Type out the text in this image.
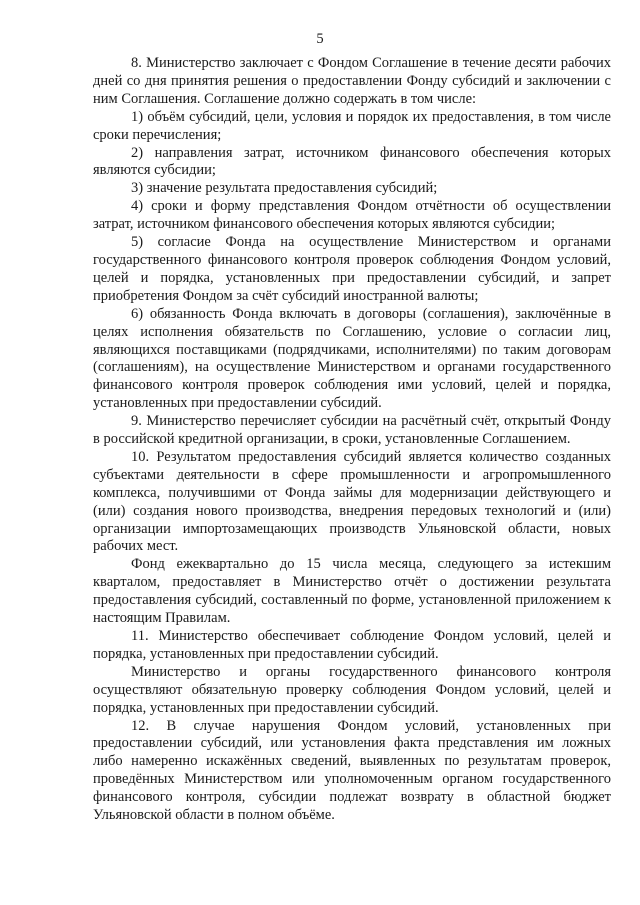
5

8. Министерство заключает с Фондом Соглашение в течение десяти рабочих дней со дня принятия решения о предоставлении Фонду субсидий и заключении с ним Соглашения. Соглашение должно содержать в том числе:

1) объём субсидий, цели, условия и порядок их предоставления, в том числе сроки перечисления;

2) направления затрат, источником финансового обеспечения которых являются субсидии;

3) значение результата предоставления субсидий;

4) сроки и форму представления Фондом отчётности об осуществлении затрат, источником финансового обеспечения которых являются субсидии;

5) согласие Фонда на осуществление Министерством и органами государственного финансового контроля проверок соблюдения Фондом условий, целей и порядка, установленных при предоставлении субсидий, и запрет приобретения Фондом за счёт субсидий иностранной валюты;

6) обязанность Фонда включать в договоры (соглашения), заключённые в целях исполнения обязательств по Соглашению, условие о согласии лиц, являющихся поставщиками (подрядчиками, исполнителями) по таким договорам (соглашениям), на осуществление Министерством и органами государственного финансового контроля проверок соблюдения ими условий, целей и порядка, установленных при предоставлении субсидий.

9. Министерство перечисляет субсидии на расчётный счёт, открытый Фонду в российской кредитной организации, в сроки, установленные Соглашением.

10. Результатом предоставления субсидий является количество созданных субъектами деятельности в сфере промышленности и агропромышленного комплекса, получившими от Фонда займы для модернизации действующего и (или) создания нового производства, внедрения передовых технологий и (или) организации импортозамещающих производств Ульяновской области, новых рабочих мест.

Фонд ежеквартально до 15 числа месяца, следующего за истекшим кварталом, предоставляет в Министерство отчёт о достижении результата предоставления субсидий, составленный по форме, установленной приложением к настоящим Правилам.

11. Министерство обеспечивает соблюдение Фондом условий, целей и порядка, установленных при предоставлении субсидий.

Министерство и органы государственного финансового контроля осуществляют обязательную проверку соблюдения Фондом условий, целей и порядка, установленных при предоставлении субсидий.

12. В случае нарушения Фондом условий, установленных при предоставлении субсидий, или установления факта представления им ложных либо намеренно искажённых сведений, выявленных по результатам проверок, проведённых Министерством или уполномоченным органом государственного финансового контроля, субсидии подлежат возврату в областной бюджет Ульяновской области в полном объёме.
